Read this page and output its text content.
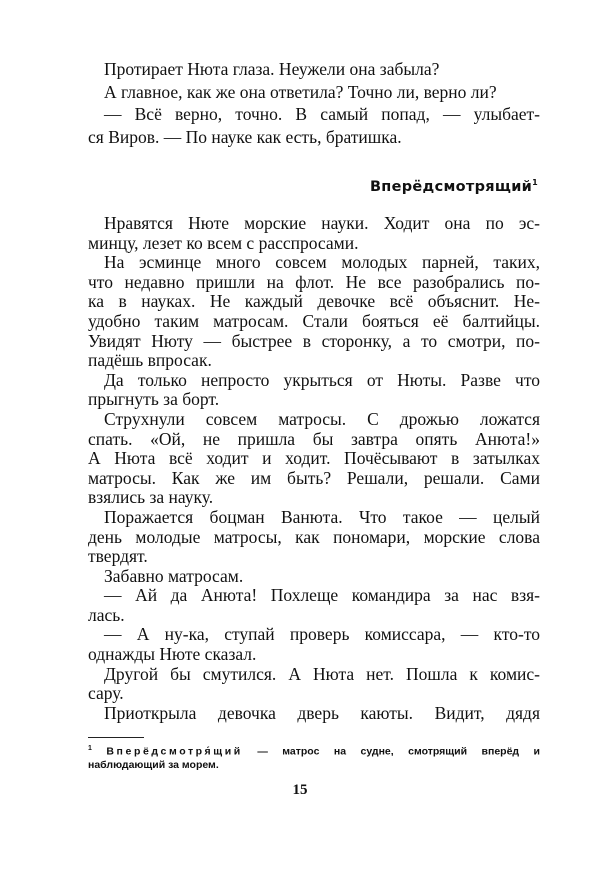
Протирает Нюта глаза. Неужели она забыла?
А главное, как же она ответила? Точно ли, верно ли?
— Всё верно, точно. В самый попад, — улыбает-
ся Виров. — По науке как есть, братишка.
Вперёдсмотрящий$^1$
Нравятся Нюте морские науки. Ходит она по эс-
минцу, лезет ко всем с расспросами.
На эсминце много совсем молодых парней, таких,
что недавно пришли на флот. Не все разобрались по-
ка в науках. Не каждый девочке всё объяснит. Не-
удобно таким матросам. Стали бояться её балтийцы.
Увидят Нюту — быстрее в сторонку, а то смотри, по-
падёшь впросак.
Да только непросто укрыться от Нюты. Разве что
прыгнуть за борт.
Струхнули совсем матросы. С дрожью ложатся
спать. «Ой, не пришла бы завтра опять Анюта!»
А Нюта всё ходит и ходит. Почёсывают в затылках
матросы. Как же им быть? Решали, решали. Сами
взялись за науку.
Поражается боцман Ванюта. Что такое — целый
день молодые матросы, как пономари, морские слова
твердят.
Забавно матросам.
— Ай да Анюта! Похлеще командира за нас взя-
лась.
— А ну-ка, ступай проверь комиссара, — кто-то
однажды Нюте сказал.
Другой бы смутился. А Нюта нет. Пошла к комис-
сару.
Приоткрыла девочка дверь каюты. Видит, дядя
$^1$ Вперёдсмотря́щий — матрос на судне, смотрящий вперёд и
наблюдающий за морем.
15
